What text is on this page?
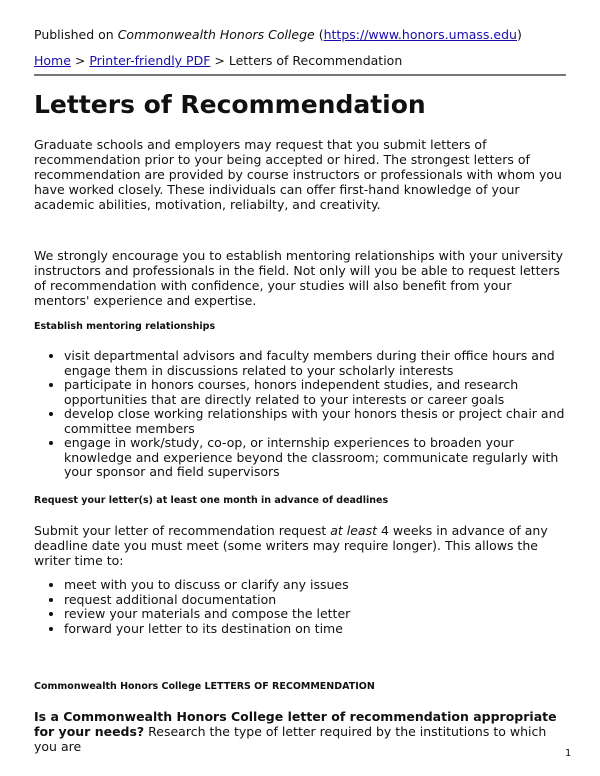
Published on Commonwealth Honors College (https://www.honors.umass.edu)
Home > Printer-friendly PDF > Letters of Recommendation
Letters of Recommendation

Graduate schools and employers may request that you submit letters of recommendation prior to your being accepted or hired. The strongest letters of recommendation are provided by course instructors or professionals with whom you have worked closely. These individuals can offer first-hand knowledge of your academic abilities, motivation, reliabilty, and creativity.

We strongly encourage you to establish mentoring relationships with your university instructors and professionals in the field. Not only will you be able to request letters of recommendation with confidence, your studies will also benefit from your mentors' experience and expertise.

Establish mentoring relationships

• visit departmental advisors and faculty members during their office hours and engage them in discussions related to your scholarly interests
• participate in honors courses, honors independent studies, and research opportunities that are directly related to your interests or career goals
• develop close working relationships with your honors thesis or project chair and committee members
• engage in work/study, co-op, or internship experiences to broaden your knowledge and experience beyond the classroom; communicate regularly with your sponsor and field supervisors

Request your letter(s) at least one month in advance of deadlines

Submit your letter of recommendation request at least 4 weeks in advance of any deadline date you must meet (some writers may require longer). This allows the writer time to:

• meet with you to discuss or clarify any issues
• request additional documentation
• review your materials and compose the letter
• forward your letter to its destination on time

Commonwealth Honors College LETTERS OF RECOMMENDATION

Is a Commonwealth Honors College letter of recommendation appropriate for your needs? Research the type of letter required by the institutions to which you are	1
